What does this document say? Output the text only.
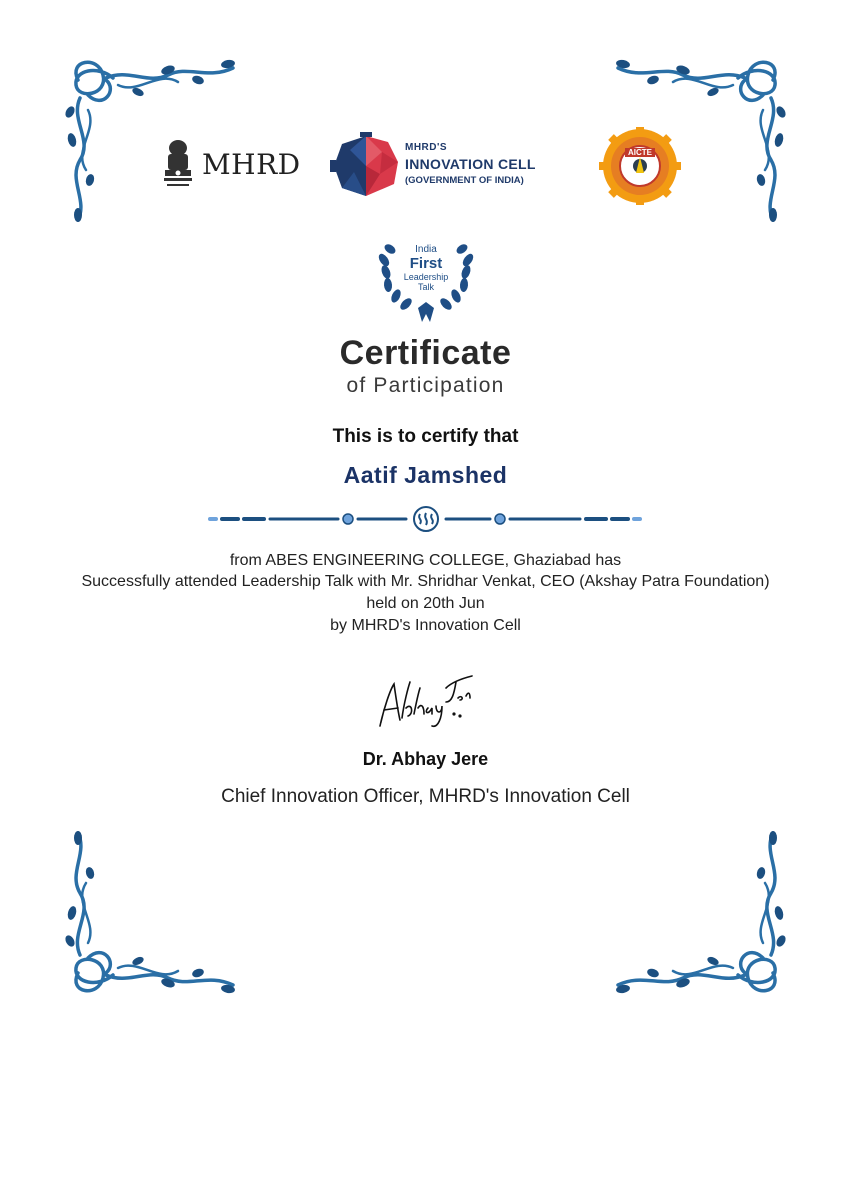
MHRD
MHRD'S
INNOVATION CELL
(GOVERNMENT OF INDIA)
AICTE
India
First
Leadership
Talk
Certificate
of Participation
This is to certify that
Aatif Jamshed
from ABES ENGINEERING COLLEGE, Ghaziabad has
Successfully attended Leadership Talk with Mr. Shridhar Venkat, CEO (Akshay Patra Foundation)
held on 20th Jun
by MHRD's Innovation Cell
Dr. Abhay Jere
Chief Innovation Officer, MHRD's Innovation Cell
